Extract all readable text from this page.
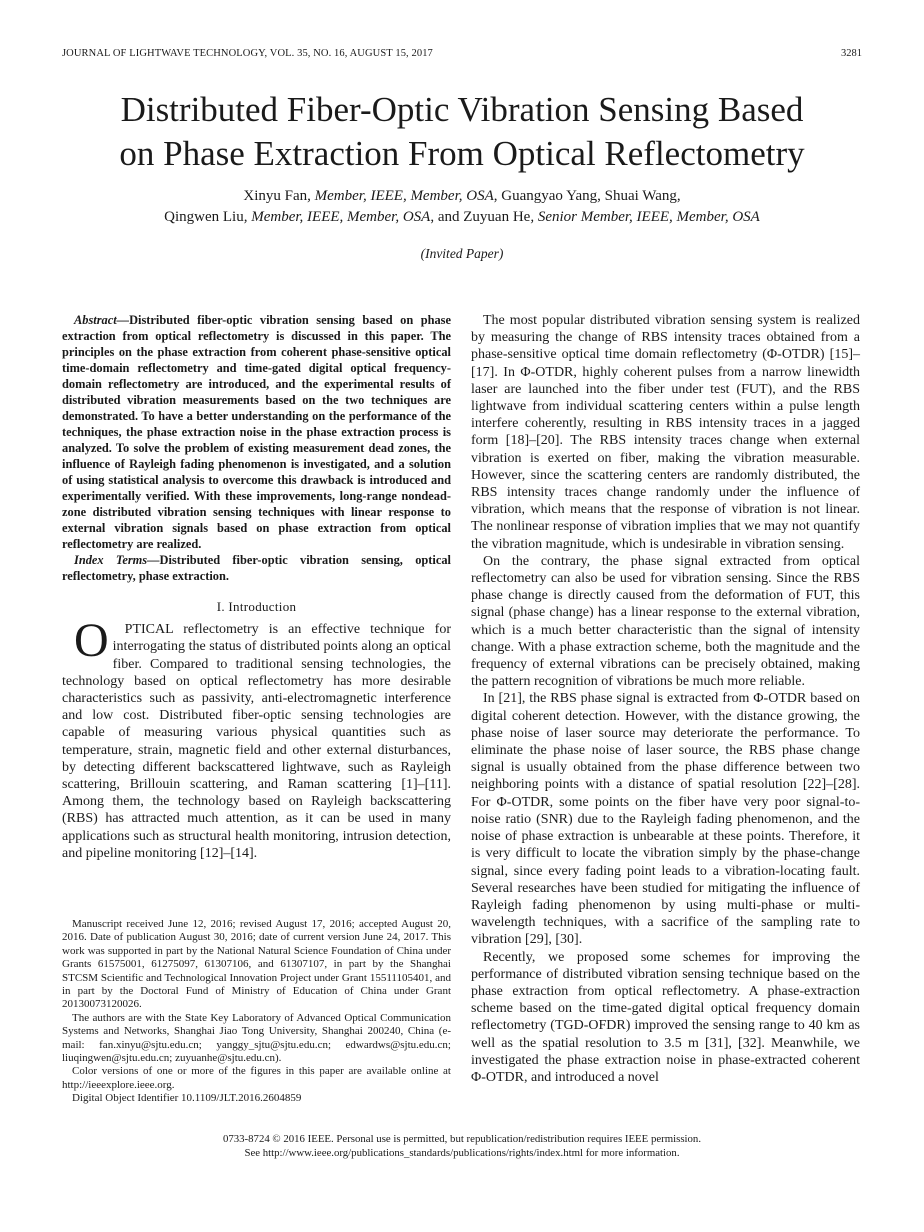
JOURNAL OF LIGHTWAVE TECHNOLOGY, VOL. 35, NO. 16, AUGUST 15, 2017	3281
Distributed Fiber-Optic Vibration Sensing Based
on Phase Extraction From Optical Reflectometry
Xinyu Fan, Member, IEEE, Member, OSA, Guangyao Yang, Shuai Wang,
Qingwen Liu, Member, IEEE, Member, OSA, and Zuyuan He, Senior Member, IEEE, Member, OSA
(Invited Paper)

Abstract—Distributed fiber-optic vibration sensing based on phase extraction from optical reflectometry is discussed in this paper. The principles on the phase extraction from coherent phase-sensitive optical time-domain reflectometry and time-gated digital optical frequency-domain reflectometry are introduced, and the experimental results of distributed vibration measurements based on the two techniques are demonstrated. To have a better understanding on the performance of the techniques, the phase extraction noise in the phase extraction process is analyzed. To solve the problem of existing measurement dead zones, the influence of Rayleigh fading phenomenon is investigated, and a solution of using statistical analysis to overcome this drawback is introduced and experimentally verified. With these improvements, long-range nondead-zone distributed vibration sensing techniques with linear response to external vibration signals based on phase extraction from optical reflectometry are realized.

Index Terms—Distributed fiber-optic vibration sensing, optical reflectometry, phase extraction.

I. Introduction

O PTICAL reflectometry is an effective technique for interrogating the status of distributed points along an optical fiber. Compared to traditional sensing technologies, the technology based on optical reflectometry has more desirable characteristics such as passivity, anti-electromagnetic interference and low cost. Distributed fiber-optic sensing technologies are capable of measuring various physical quantities such as temperature, strain, magnetic field and other external disturbances, by detecting different backscattered lightwave, such as Rayleigh scattering, Brillouin scattering, and Raman scattering [1]–[11]. Among them, the technology based on Rayleigh backscattering (RBS) has attracted much attention, as it can be used in many applications such as structural health monitoring, intrusion detection, and pipeline monitoring [12]–[14].

Manuscript received June 12, 2016; revised August 17, 2016; accepted August 20, 2016. Date of publication August 30, 2016; date of current version June 24, 2017. This work was supported in part by the National Natural Science Foundation of China under Grants 61575001, 61275097, 61307106, and 61307107, in part by the Shanghai STCSM Scientific and Technological Innovation Project under Grant 15511105401, and in part by the Doctoral Fund of Ministry of Education of China under Grant 20130073120026.

The authors are with the State Key Laboratory of Advanced Optical Communication Systems and Networks, Shanghai Jiao Tong University, Shanghai 200240, China (e-mail: fan.xinyu@sjtu.edu.cn; yanggy_sjtu@sjtu.edu.cn; edwardws@sjtu.edu.cn; liuqingwen@sjtu.edu.cn; zuyuanhe@sjtu.edu.cn).

Color versions of one or more of the figures in this paper are available online at http://ieeexplore.ieee.org.

Digital Object Identifier 10.1109/JLT.2016.2604859

The most popular distributed vibration sensing system is realized by measuring the change of RBS intensity traces obtained from a phase-sensitive optical time domain reflectometry (Φ-OTDR) [15]–[17]. In Φ-OTDR, highly coherent pulses from a narrow linewidth laser are launched into the fiber under test (FUT), and the RBS lightwave from individual scattering centers within a pulse length interfere coherently, resulting in RBS intensity traces in a jagged form [18]–[20]. The RBS intensity traces change when external vibration is exerted on fiber, making the vibration measurable. However, since the scattering centers are randomly distributed, the RBS intensity traces change randomly under the influence of vibration, which means that the response of vibration is not linear. The nonlinear response of vibration implies that we may not quantify the vibration magnitude, which is undesirable in vibration sensing.

On the contrary, the phase signal extracted from optical reflectometry can also be used for vibration sensing. Since the RBS phase change is directly caused from the deformation of FUT, this signal (phase change) has a linear response to the external vibration, which is a much better characteristic than the signal of intensity change. With a phase extraction scheme, both the magnitude and the frequency of external vibrations can be precisely obtained, making the pattern recognition of vibrations be much more reliable.

In [21], the RBS phase signal is extracted from Φ-OTDR based on digital coherent detection. However, with the distance growing, the phase noise of laser source may deteriorate the performance. To eliminate the phase noise of laser source, the RBS phase change signal is usually obtained from the phase difference between two neighboring points with a distance of spatial resolution [22]–[28]. For Φ-OTDR, some points on the fiber have very poor signal-to-noise ratio (SNR) due to the Rayleigh fading phenomenon, and the noise of phase extraction is unbearable at these points. Therefore, it is very difficult to locate the vibration simply by the phase-change signal, since every fading point leads to a vibration-locating fault. Several researches have been studied for mitigating the influence of Rayleigh fading phenomenon by using multi-phase or multi-wavelength techniques, with a sacrifice of the sampling rate to vibration [29], [30].

Recently, we proposed some schemes for improving the performance of distributed vibration sensing technique based on the phase extraction from optical reflectometry. A phase-extraction scheme based on the time-gated digital optical frequency domain reflectometry (TGD-OFDR) improved the sensing range to 40 km as well as the spatial resolution to 3.5 m [31], [32]. Meanwhile, we investigated the phase extraction noise in phase-extracted coherent Φ-OTDR, and introduced a novel

0733-8724 © 2016 IEEE. Personal use is permitted, but republication/redistribution requires IEEE permission.
See http://www.ieee.org/publications_standards/publications/rights/index.html for more information.
